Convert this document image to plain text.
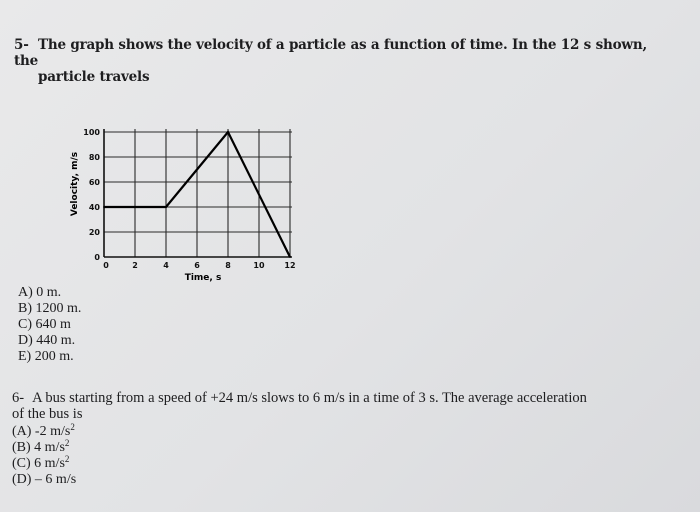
5- The graph shows the velocity of a particle as a function of time. In the 12 s shown, the
particle travels
0	2	4	6	8	10 12
0
20
40
60
80
100
Time, s
Velocity, m/s
A) 0 m.
B) 1200 m.
C) 640 m
D) 440 m.
E) 200 m.
6- A bus starting from a speed of +24 m/s slows to 6 m/s in a time of 3 s. The average acceleration
of the bus is
(A) -2 $m/s^2$
(B) 4 $m/s^2$
(C) 6 $m/s^2$
(D) – 6 m/s
